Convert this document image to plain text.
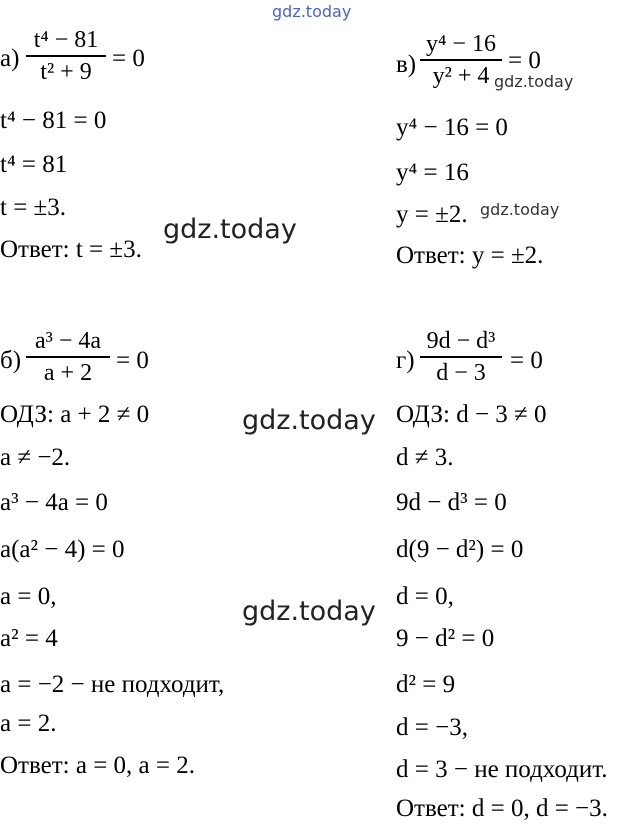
gdz.today
а)
t⁴ − 81
t² + 9 = 0
t⁴ − 81 = 0
t⁴ = 81
t = ±3.
Ответ: t = ±3.
в)
y⁴ − 16
y² + 4
= 0
gdz.today
y⁴ − 16 = 0
y⁴ = 16
y = ±2. gdz.today
Ответ: y = ±2.
gdz.today
б)
a³ − 4a
a + 2 = 0
ОДЗ: a + 2 ≠ 0
a ≠ −2.
a³ − 4a = 0
a(a² − 4) = 0
a = 0,
a² = 4
a = −2 − не подходит,
a = 2.
Ответ: a = 0, a = 2.
г)
9d − d³
d − 3 = 0
ОДЗ: d − 3 ≠ 0
d ≠ 3.
9d − d³ = 0
d(9 − d²) = 0
d = 0,
9 − d² = 0
d² = 9
d = −3,
d = 3 − не подходит.
Ответ: d = 0, d = −3.
gdz.today
gdz.today
